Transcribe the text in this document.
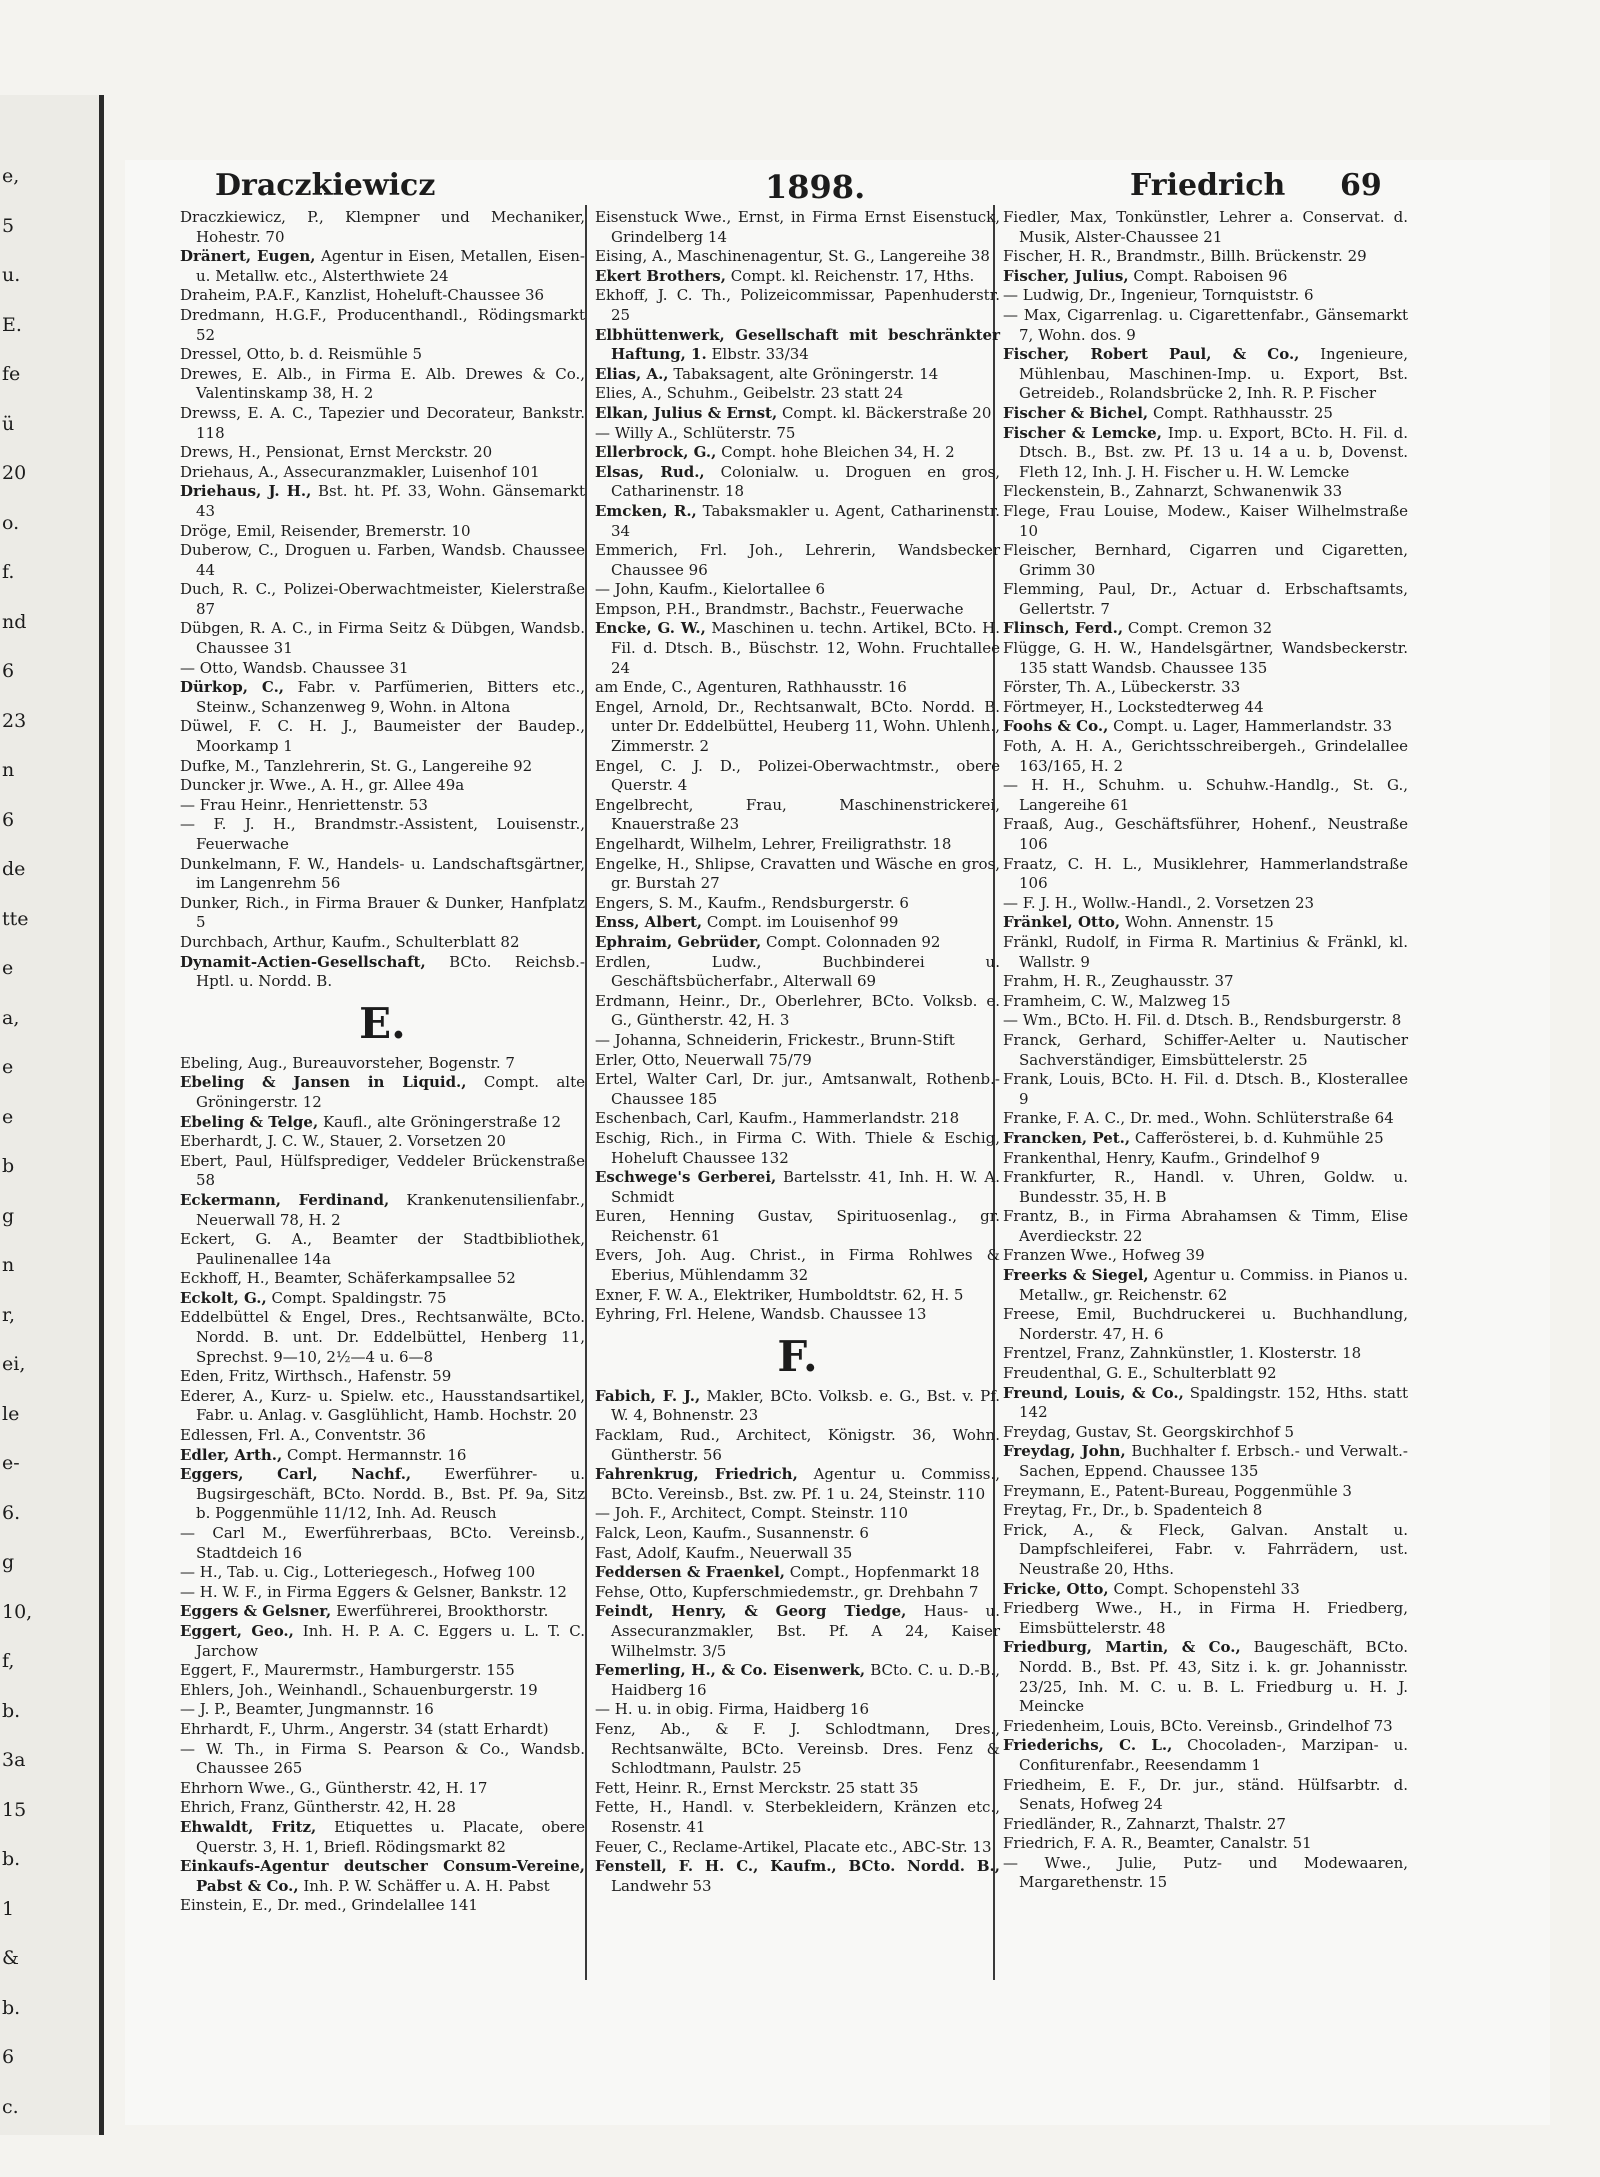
e,
5
u.
E.
fe
ü
20
o.
f.
nd
6
23
n
6
de
tte
e
a,
e
e
b
g
n
r,
ei,
le
e-
6.
g
10,
f,
b.
3a
15
b.
1
&
b.
6
c.
Draczkiewicz	1898.	Friedrich 69
Draczkiewicz, P., Klempner und Mechaniker, Hohestr. 70
Dränert, Eugen, Agentur in Eisen, Metallen, Eisen- u. Metallw. etc., Alsterthwiete 24
Draheim, P.A.F., Kanzlist, Hoheluft-Chaussee 36
Dredmann, H.G.F., Producenthandl., Rödingsmarkt 52
Dressel, Otto, b. d. Reismühle 5
Drewes, E. Alb., in Firma E. Alb. Drewes & Co., Valentinskamp 38, H. 2
Drewss, E. A. C., Tapezier und Decorateur, Bankstr. 118
Drews, H., Pensionat, Ernst Merckstr. 20
Driehaus, A., Assecuranzmakler, Luisenhof 101
Driehaus, J. H., Bst. ht. Pf. 33, Wohn. Gänsemarkt 43
Dröge, Emil, Reisender, Bremerstr. 10
Duberow, C., Droguen u. Farben, Wandsb. Chaussee 44
Duch, R. C., Polizei-Oberwachtmeister, Kielerstraße 87
Dübgen, R. A. C., in Firma Seitz & Dübgen, Wandsb. Chaussee 31
— Otto, Wandsb. Chaussee 31
Dürkop, C., Fabr. v. Parfümerien, Bitters etc., Steinw., Schanzenweg 9, Wohn. in Altona
Düwel, F. C. H. J., Baumeister der Baudep., Moorkamp 1
Dufke, M., Tanzlehrerin, St. G., Langereihe 92
Duncker jr. Wwe., A. H., gr. Allee 49a
— Frau Heinr., Henriettenstr. 53
— F. J. H., Brandmstr.-Assistent, Louisenstr., Feuerwache
Dunkelmann, F. W., Handels- u. Landschaftsgärtner, im Langenrehm 56
Dunker, Rich., in Firma Brauer & Dunker, Hanfplatz 5
Durchbach, Arthur, Kaufm., Schulterblatt 82
Dynamit-Actien-Gesellschaft, BCto. Reichsb.-Hptl. u. Nordd. B.
E.
Ebeling, Aug., Bureauvorsteher, Bogenstr. 7
Ebeling & Jansen in Liquid., Compt. alte Gröningerstr. 12
Ebeling & Telge, Kaufl., alte Gröningerstraße 12
Eberhardt, J. C. W., Stauer, 2. Vorsetzen 20
Ebert, Paul, Hülfsprediger, Veddeler Brückenstraße 58
Eckermann, Ferdinand, Krankenutensilienfabr., Neuerwall 78, H. 2
Eckert, G. A., Beamter der Stadtbibliothek, Paulinenallee 14a
Eckhoff, H., Beamter, Schäferkampsallee 52
Eckolt, G., Compt. Spaldingstr. 75
Eddelbüttel & Engel, Dres., Rechtsanwälte, BCto. Nordd. B. unt. Dr. Eddelbüttel, Henberg 11, Sprechst. 9—10, 2½—4 u. 6—8
Eden, Fritz, Wirthsch., Hafenstr. 59
Ederer, A., Kurz- u. Spielw. etc., Hausstandsartikel, Fabr. u. Anlag. v. Gasglühlicht, Hamb. Hochstr. 20
Edlessen, Frl. A., Conventstr. 36
Edler, Arth., Compt. Hermannstr. 16
Eggers, Carl, Nachf., Ewerführer- u. Bugsirgeschäft, BCto. Nordd. B., Bst. Pf. 9a, Sitz b. Poggenmühle 11/12, Inh. Ad. Reusch
— Carl M., Ewerführerbaas, BCto. Vereinsb., Stadtdeich 16
— H., Tab. u. Cig., Lotteriegesch., Hofweg 100
— H. W. F., in Firma Eggers & Gelsner, Bankstr. 12
Eggers & Gelsner, Ewerführerei, Brookthorstr.
Eggert, Geo., Inh. H. P. A. C. Eggers u. L. T. C. Jarchow
Eggert, F., Maurermstr., Hamburgerstr. 155
Ehlers, Joh., Weinhandl., Schauenburgerstr. 19
— J. P., Beamter, Jungmannstr. 16
Ehrhardt, F., Uhrm., Angerstr. 34 (statt Erhardt)
— W. Th., in Firma S. Pearson & Co., Wandsb. Chaussee 265
Ehrhorn Wwe., G., Güntherstr. 42, H. 17
Ehrich, Franz, Güntherstr. 42, H. 28
Ehwaldt, Fritz, Etiquettes u. Placate, obere Querstr. 3, H. 1, Briefl. Rödingsmarkt 82
Einkaufs-Agentur deutscher Consum-Vereine, Pabst & Co., Inh. P. W. Schäffer u. A. H. Pabst
Einstein, E., Dr. med., Grindelallee 141
Eisenstuck Wwe., Ernst, in Firma Ernst Eisenstuck, Grindelberg 14
Eising, A., Maschinenagentur, St. G., Langereihe 38
Ekert Brothers, Compt. kl. Reichenstr. 17, Hths.
Ekhoff, J. C. Th., Polizeicommissar, Papenhuderstr. 25
Elbhüttenwerk, Gesellschaft mit beschränkter Haftung, 1. Elbstr. 33/34
Elias, A., Tabaksagent, alte Gröningerstr. 14
Elies, A., Schuhm., Geibelstr. 23 statt 24
Elkan, Julius & Ernst, Compt. kl. Bäckerstraße 20
— Willy A., Schlüterstr. 75
Ellerbrock, G., Compt. hohe Bleichen 34, H. 2
Elsas, Rud., Colonialw. u. Droguen en gros, Catharinenstr. 18
Emcken, R., Tabaksmakler u. Agent, Catharinenstr. 34
Emmerich, Frl. Joh., Lehrerin, Wandsbecker Chaussee 96
— John, Kaufm., Kielortallee 6
Empson, P.H., Brandmstr., Bachstr., Feuerwache
Encke, G. W., Maschinen u. techn. Artikel, BCto. H. Fil. d. Dtsch. B., Büschstr. 12, Wohn. Fruchtallee 24
am Ende, C., Agenturen, Rathhausstr. 16
Engel, Arnold, Dr., Rechtsanwalt, BCto. Nordd. B. unter Dr. Eddelbüttel, Heuberg 11, Wohn. Uhlenh., Zimmerstr. 2
Engel, C. J. D., Polizei-Oberwachtmstr., obere Querstr. 4
Engelbrecht, Frau, Maschinenstrickerei, Knauerstraße 23
Engelhardt, Wilhelm, Lehrer, Freiligrathstr. 18
Engelke, H., Shlipse, Cravatten und Wäsche en gros, gr. Burstah 27
Engers, S. M., Kaufm., Rendsburgerstr. 6
Enss, Albert, Compt. im Louisenhof 99
Ephraim, Gebrüder, Compt. Colonnaden 92
Erdlen, Ludw., Buchbinderei u. Geschäftsbücherfabr., Alterwall 69
Erdmann, Heinr., Dr., Oberlehrer, BCto. Volksb. e. G., Güntherstr. 42, H. 3
— Johanna, Schneiderin, Frickestr., Brunn-Stift
Erler, Otto, Neuerwall 75/79
Ertel, Walter Carl, Dr. jur., Amtsanwalt, Rothenb.-Chaussee 185
Eschenbach, Carl, Kaufm., Hammerlandstr. 218
Eschig, Rich., in Firma C. With. Thiele & Eschig, Hoheluft Chaussee 132
Eschwege's Gerberei, Bartelsstr. 41, Inh. H. W. A. Schmidt
Euren, Henning Gustav, Spirituosenlag., gr. Reichenstr. 61
Evers, Joh. Aug. Christ., in Firma Rohlwes & Eberius, Mühlendamm 32
Exner, F. W. A., Elektriker, Humboldtstr. 62, H. 5
Eyhring, Frl. Helene, Wandsb. Chaussee 13
F.
Fabich, F. J., Makler, BCto. Volksb. e. G., Bst. v. Pf. W. 4, Bohnenstr. 23
Facklam, Rud., Architect, Königstr. 36, Wohn. Güntherstr. 56
Fahrenkrug, Friedrich, Agentur u. Commiss., BCto. Vereinsb., Bst. zw. Pf. 1 u. 24, Steinstr. 110
— Joh. F., Architect, Compt. Steinstr. 110
Falck, Leon, Kaufm., Susannenstr. 6
Fast, Adolf, Kaufm., Neuerwall 35
Feddersen & Fraenkel, Compt., Hopfenmarkt 18
Fehse, Otto, Kupferschmiedemstr., gr. Drehbahn 7
Feindt, Henry, & Georg Tiedge, Haus- u. Assecuranzmakler, Bst. Pf. A 24, Kaiser Wilhelmstr. 3/5
Femerling, H., & Co. Eisenwerk, BCto. C. u. D.-B., Haidberg 16
— H. u. in obig. Firma, Haidberg 16
Fenz, Ab., & F. J. Schlodtmann, Dres., Rechtsanwälte, BCto. Vereinsb. Dres. Fenz & Schlodtmann, Paulstr. 25
Fett, Heinr. R., Ernst Merckstr. 25 statt 35
Fette, H., Handl. v. Sterbekleidern, Kränzen etc., Rosenstr. 41
Feuer, C., Reclame-Artikel, Placate etc., ABC-Str. 13
Fenstell, F. H. C., Kaufm., BCto. Nordd. B., Landwehr 53
Fiedler, Max, Tonkünstler, Lehrer a. Conservat. d. Musik, Alster-Chaussee 21
Fischer, H. R., Brandmstr., Billh. Brückenstr. 29
Fischer, Julius, Compt. Raboisen 96
— Ludwig, Dr., Ingenieur, Tornquiststr. 6
— Max, Cigarrenlag. u. Cigarettenfabr., Gänsemarkt 7, Wohn. dos. 9
Fischer, Robert Paul, & Co., Ingenieure, Mühlenbau, Maschinen-Imp. u. Export, Bst. Getreideb., Rolandsbrücke 2, Inh. R. P. Fischer
Fischer & Bichel, Compt. Rathhausstr. 25
Fischer & Lemcke, Imp. u. Export, BCto. H. Fil. d. Dtsch. B., Bst. zw. Pf. 13 u. 14 a u. b, Dovenst. Fleth 12, Inh. J. H. Fischer u. H. W. Lemcke
Fleckenstein, B., Zahnarzt, Schwanenwik 33
Flege, Frau Louise, Modew., Kaiser Wilhelmstraße 10
Fleischer, Bernhard, Cigarren und Cigaretten, Grimm 30
Flemming, Paul, Dr., Actuar d. Erbschaftsamts, Gellertstr. 7
Flinsch, Ferd., Compt. Cremon 32
Flügge, G. H. W., Handelsgärtner, Wandsbeckerstr. 135 statt Wandsb. Chaussee 135
Förster, Th. A., Lübeckerstr. 33
Förtmeyer, H., Lockstedterweg 44
Foohs & Co., Compt. u. Lager, Hammerlandstr. 33
Foth, A. H. A., Gerichtsschreibergeh., Grindelallee 163/165, H. 2
— H. H., Schuhm. u. Schuhw.-Handlg., St. G., Langereihe 61
Fraaß, Aug., Geschäftsführer, Hohenf., Neustraße 106
Fraatz, C. H. L., Musiklehrer, Hammerlandstraße 106
— F. J. H., Wollw.-Handl., 2. Vorsetzen 23
Fränkel, Otto, Wohn. Annenstr. 15
Fränkl, Rudolf, in Firma R. Martinius & Fränkl, kl. Wallstr. 9
Frahm, H. R., Zeughausstr. 37
Framheim, C. W., Malzweg 15
— Wm., BCto. H. Fil. d. Dtsch. B., Rendsburgerstr. 8
Franck, Gerhard, Schiffer-Aelter u. Nautischer Sachverständiger, Eimsbüttelerstr. 25
Frank, Louis, BCto. H. Fil. d. Dtsch. B., Klosterallee 9
Franke, F. A. C., Dr. med., Wohn. Schlüterstraße 64
Francken, Pet., Cafferösterei, b. d. Kuhmühle 25
Frankenthal, Henry, Kaufm., Grindelhof 9
Frankfurter, R., Handl. v. Uhren, Goldw. u. Bundesstr. 35, H. B
Frantz, B., in Firma Abrahamsen & Timm, Elise Averdieckstr. 22
Franzen Wwe., Hofweg 39
Freerks & Siegel, Agentur u. Commiss. in Pianos u. Metallw., gr. Reichenstr. 62
Freese, Emil, Buchdruckerei u. Buchhandlung, Norderstr. 47, H. 6
Frentzel, Franz, Zahnkünstler, 1. Klosterstr. 18
Freudenthal, G. E., Schulterblatt 92
Freund, Louis, & Co., Spaldingstr. 152, Hths. statt 142
Freydag, Gustav, St. Georgskirchhof 5
Freydag, John, Buchhalter f. Erbsch.- und Verwalt.-Sachen, Eppend. Chaussee 135
Freymann, E., Patent-Bureau, Poggenmühle 3
Freytag, Fr., Dr., b. Spadenteich 8
Frick, A., & Fleck, Galvan. Anstalt u. Dampfschleiferei, Fabr. v. Fahrrädern, ust. Neustraße 20, Hths.
Fricke, Otto, Compt. Schopenstehl 33
Friedberg Wwe., H., in Firma H. Friedberg, Eimsbüttelerstr. 48
Friedburg, Martin, & Co., Baugeschäft, BCto. Nordd. B., Bst. Pf. 43, Sitz i. k. gr. Johannisstr. 23/25, Inh. M. C. u. B. L. Friedburg u. H. J. Meincke
Friedenheim, Louis, BCto. Vereinsb., Grindelhof 73
Friederichs, C. L., Chocoladen-, Marzipan- u. Confiturenfabr., Reesendamm 1
Friedheim, E. F., Dr. jur., ständ. Hülfsarbtr. d. Senats, Hofweg 24
Friedländer, R., Zahnarzt, Thalstr. 27
Friedrich, F. A. R., Beamter, Canalstr. 51
— Wwe., Julie, Putz- und Modewaaren, Margarethenstr. 15
